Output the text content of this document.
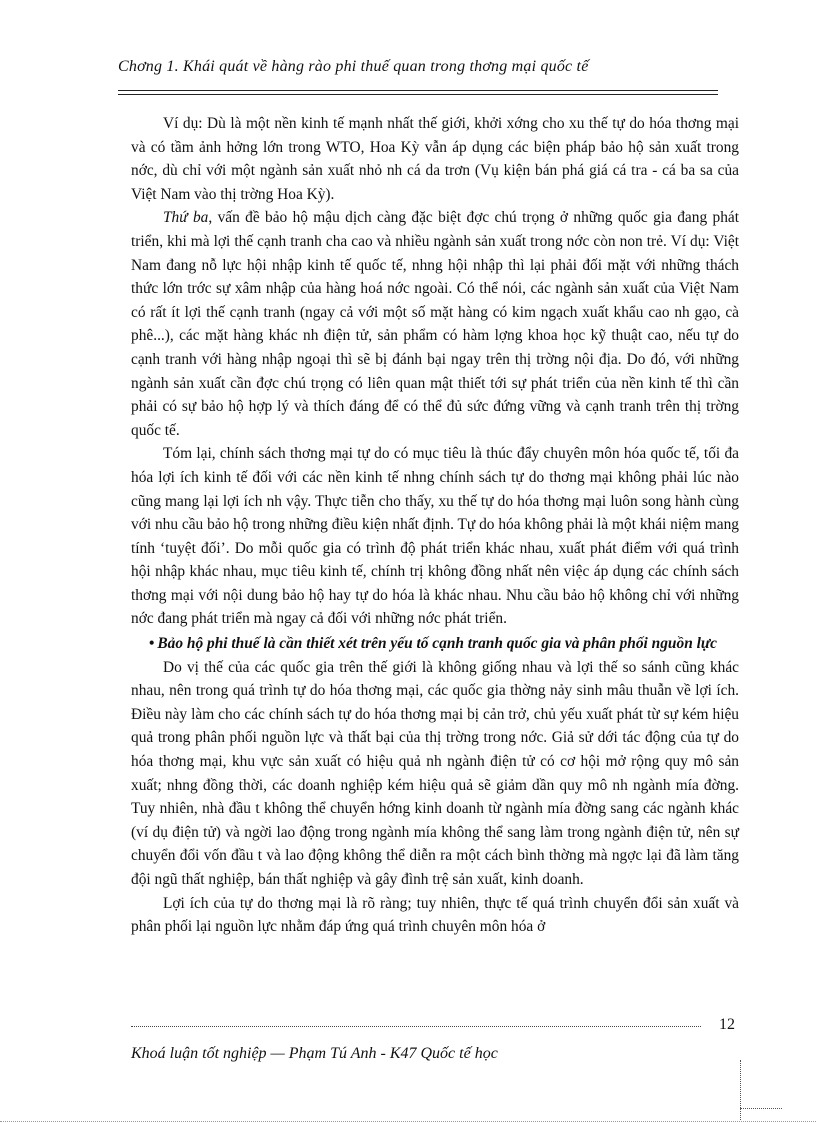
Chơng 1. Khái quát về hàng rào phi thuế quan trong thơng mại quốc tế

Ví dụ: Dù là một nền kinh tế mạnh nhất thế giới, khởi xớng cho xu thế tự do hóa thơng mại và có tầm ảnh hởng lớn trong WTO, Hoa Kỳ vẫn áp dụng các biện pháp bảo hộ sản xuất trong nớc, dù chỉ với một ngành sản xuất nhỏ nh cá da trơn (Vụ kiện bán phá giá cá tra - cá ba sa của Việt Nam vào thị trờng Hoa Kỳ).

Thứ ba, vấn đề bảo hộ mậu dịch càng đặc biệt đợc chú trọng ở những quốc gia đang phát triển, khi mà lợi thế cạnh tranh cha cao và nhiều ngành sản xuất trong nớc còn non trẻ. Ví dụ: Việt Nam đang nỗ lực hội nhập kinh tế quốc tế, nhng hội nhập thì lại phải đối mặt với những thách thức lớn trớc sự xâm nhập của hàng hoá nớc ngoài. Có thể nói, các ngành sản xuất của Việt Nam có rất ít lợi thế cạnh tranh (ngay cả với một số mặt hàng có kim ngạch xuất khẩu cao nh gạo, cà phê...), các mặt hàng khác nh điện tử, sản phẩm có hàm lợng khoa học kỹ thuật cao, nếu tự do cạnh tranh với hàng nhập ngoại thì sẽ bị đánh bại ngay trên thị trờng nội địa. Do đó, với những ngành sản xuất cần đợc chú trọng có liên quan mật thiết tới sự phát triển của nền kinh tế thì cần phải có sự bảo hộ hợp lý và thích đáng để có thể đủ sức đứng vững và cạnh tranh trên thị trờng quốc tế.

Tóm lại, chính sách thơng mại tự do có mục tiêu là thúc đẩy chuyên môn hóa quốc tế, tối đa hóa lợi ích kinh tế đối với các nền kinh tế nhng chính sách tự do thơng mại không phải lúc nào cũng mang lại lợi ích nh vậy. Thực tiễn cho thấy, xu thế tự do hóa thơng mại luôn song hành cùng với nhu cầu bảo hộ trong những điều kiện nhất định. Tự do hóa không phải là một khái niệm mang tính ‘tuyệt đối’. Do mỗi quốc gia có trình độ phát triển khác nhau, xuất phát điểm với quá trình hội nhập khác nhau, mục tiêu kinh tế, chính trị không đồng nhất nên việc áp dụng các chính sách thơng mại với nội dung bảo hộ hay tự do hóa là khác nhau. Nhu cầu bảo hộ không chỉ với những nớc đang phát triển mà ngay cả đối với những nớc phát triển.

• Bảo hộ phi thuế là cần thiết xét trên yếu tố cạnh tranh quốc gia và phân phối nguồn lực

Do vị thế của các quốc gia trên thế giới là không giống nhau và lợi thế so sánh cũng khác nhau, nên trong quá trình tự do hóa thơng mại, các quốc gia thờng nảy sinh mâu thuẫn về lợi ích. Điều này làm cho các chính sách tự do hóa thơng mại bị cản trở, chủ yếu xuất phát từ sự kém hiệu quả trong phân phối nguồn lực và thất bại của thị trờng trong nớc. Giả sử dới tác động của tự do hóa thơng mại, khu vực sản xuất có hiệu quả nh ngành điện tử có cơ hội mở rộng quy mô sản xuất; nhng đồng thời, các doanh nghiệp kém hiệu quả sẽ giảm dần quy mô nh ngành mía đờng. Tuy nhiên, nhà đầu t không thể chuyển hớng kinh doanh từ ngành mía đờng sang các ngành khác (ví dụ điện tử) và ngời lao động trong ngành mía không thể sang làm trong ngành điện tử, nên sự chuyển đổi vốn đầu t và lao động không thể diễn ra một cách bình thờng mà ngợc lại đã làm tăng đội ngũ thất nghiệp, bán thất nghiệp và gây đình trệ sản xuất, kinh doanh.

Lợi ích của tự do thơng mại là rõ ràng; tuy nhiên, thực tế quá trình chuyển đổi sản xuất và phân phối lại nguồn lực nhằm đáp ứng quá trình chuyên môn hóa ở

12
Khoá luận tốt nghiệp — Phạm Tú Anh - K47 Quốc tế học
